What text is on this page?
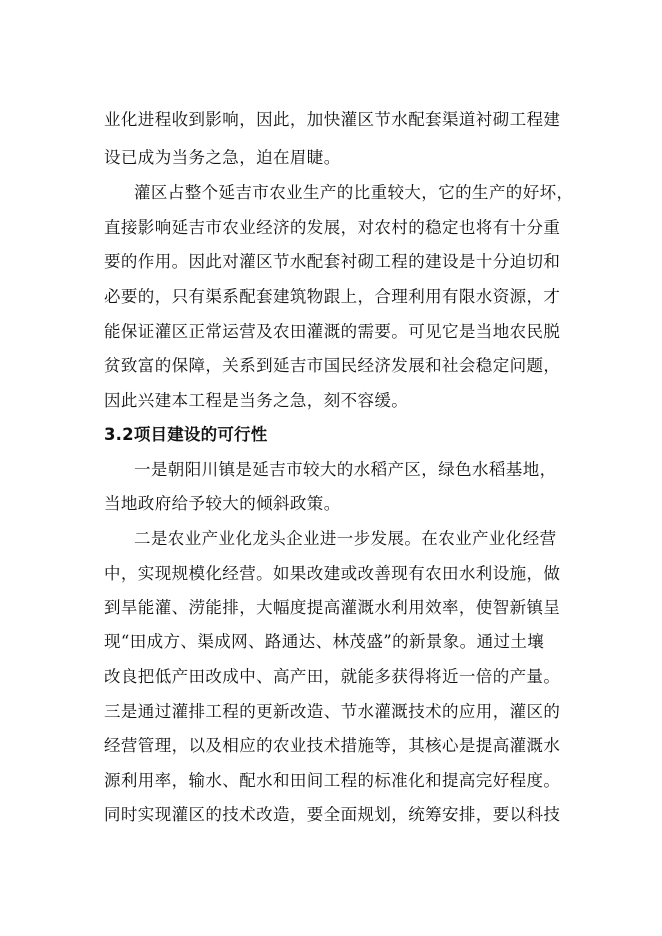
业化进程收到影响，因此，加快灌区节水配套渠道衬砌工程建
设已成为当务之急，迫在眉睫。
灌区占整个延吉市农业生产的比重较大，它的生产的好坏，
直接影响延吉市农业经济的发展，对农村的稳定也将有十分重
要的作用。因此对灌区节水配套衬砌工程的建设是十分迫切和
必要的，只有渠系配套建筑物跟上，合理利用有限水资源，才
能保证灌区正常运营及农田灌溉的需要。可见它是当地农民脱
贫致富的保障，关系到延吉市国民经济发展和社会稳定问题，
因此兴建本工程是当务之急，刻不容缓。
3.2项目建设的可行性
一是朝阳川镇是延吉市较大的水稻产区，绿色水稻基地，
当地政府给予较大的倾斜政策。
二是农业产业化龙头企业进一步发展。在农业产业化经营
中，实现规模化经营。如果改建或改善现有农田水利设施，做
到旱能灌、涝能排，大幅度提高灌溉水利用效率，使智新镇呈
现“田成方、渠成网、路通达、林茂盛”的新景象。通过土壤
改良把低产田改成中、高产田，就能多获得将近一倍的产量。
三是通过灌排工程的更新改造、节水灌溉技术的应用，灌区的
经营管理，以及相应的农业技术措施等，其核心是提高灌溉水
源利用率，输水、配水和田间工程的标准化和提高完好程度。
同时实现灌区的技术改造，要全面规划，统筹安排，要以科技
